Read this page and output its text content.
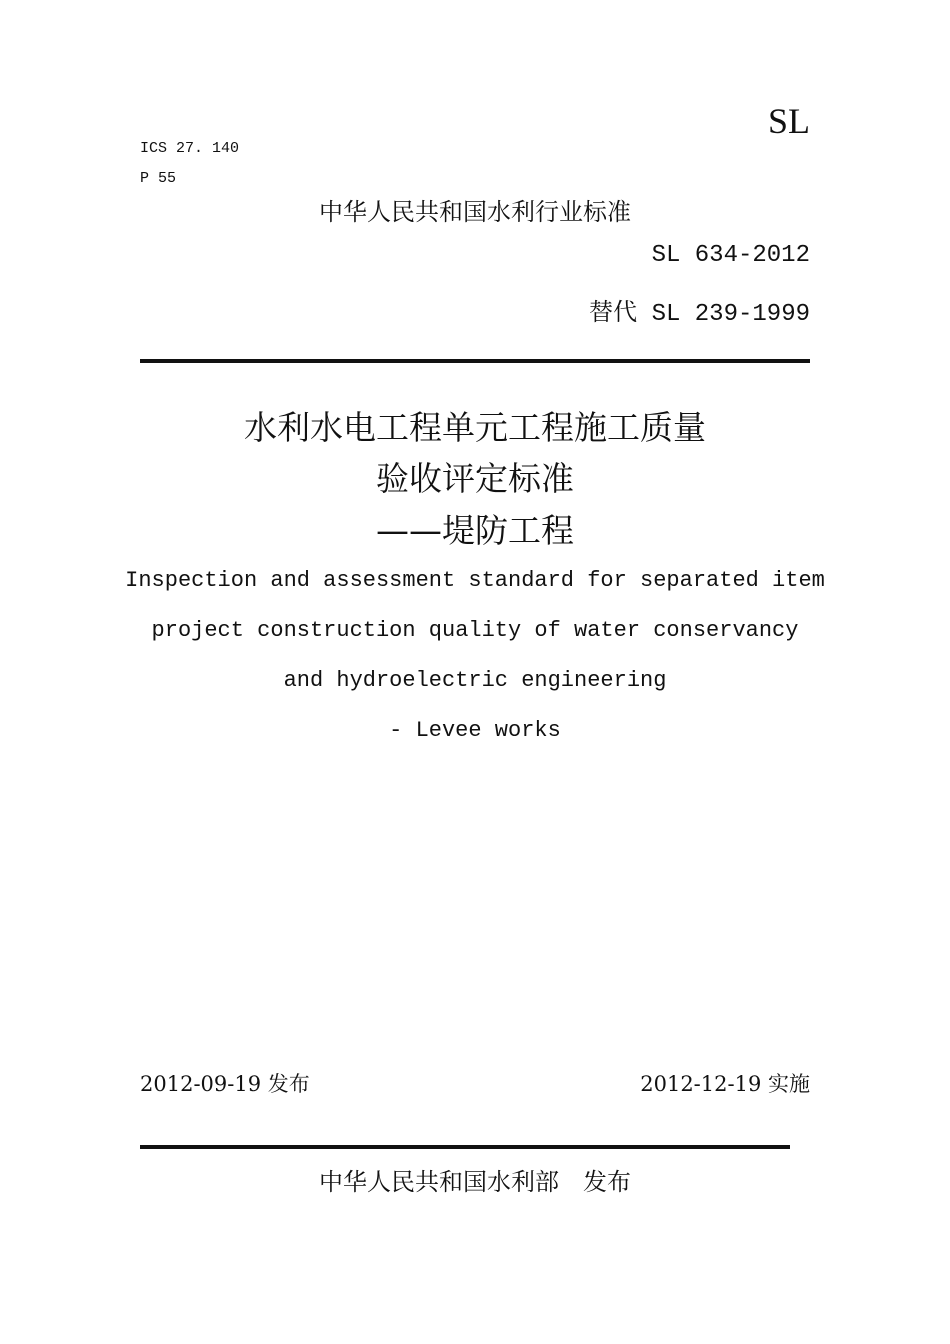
SL
ICS 27. 140
P 55
中华人民共和国水利行业标准
SL 634-2012
替代 SL 239-1999
水利水电工程单元工程施工质量
验收评定标准
——堤防工程
Inspection and assessment standard for separated item
project construction quality of water conservancy
and hydroelectric engineering
- Levee works
2012-09-19 发布	2012-12-19 实施
中华人民共和国水利部　发布
